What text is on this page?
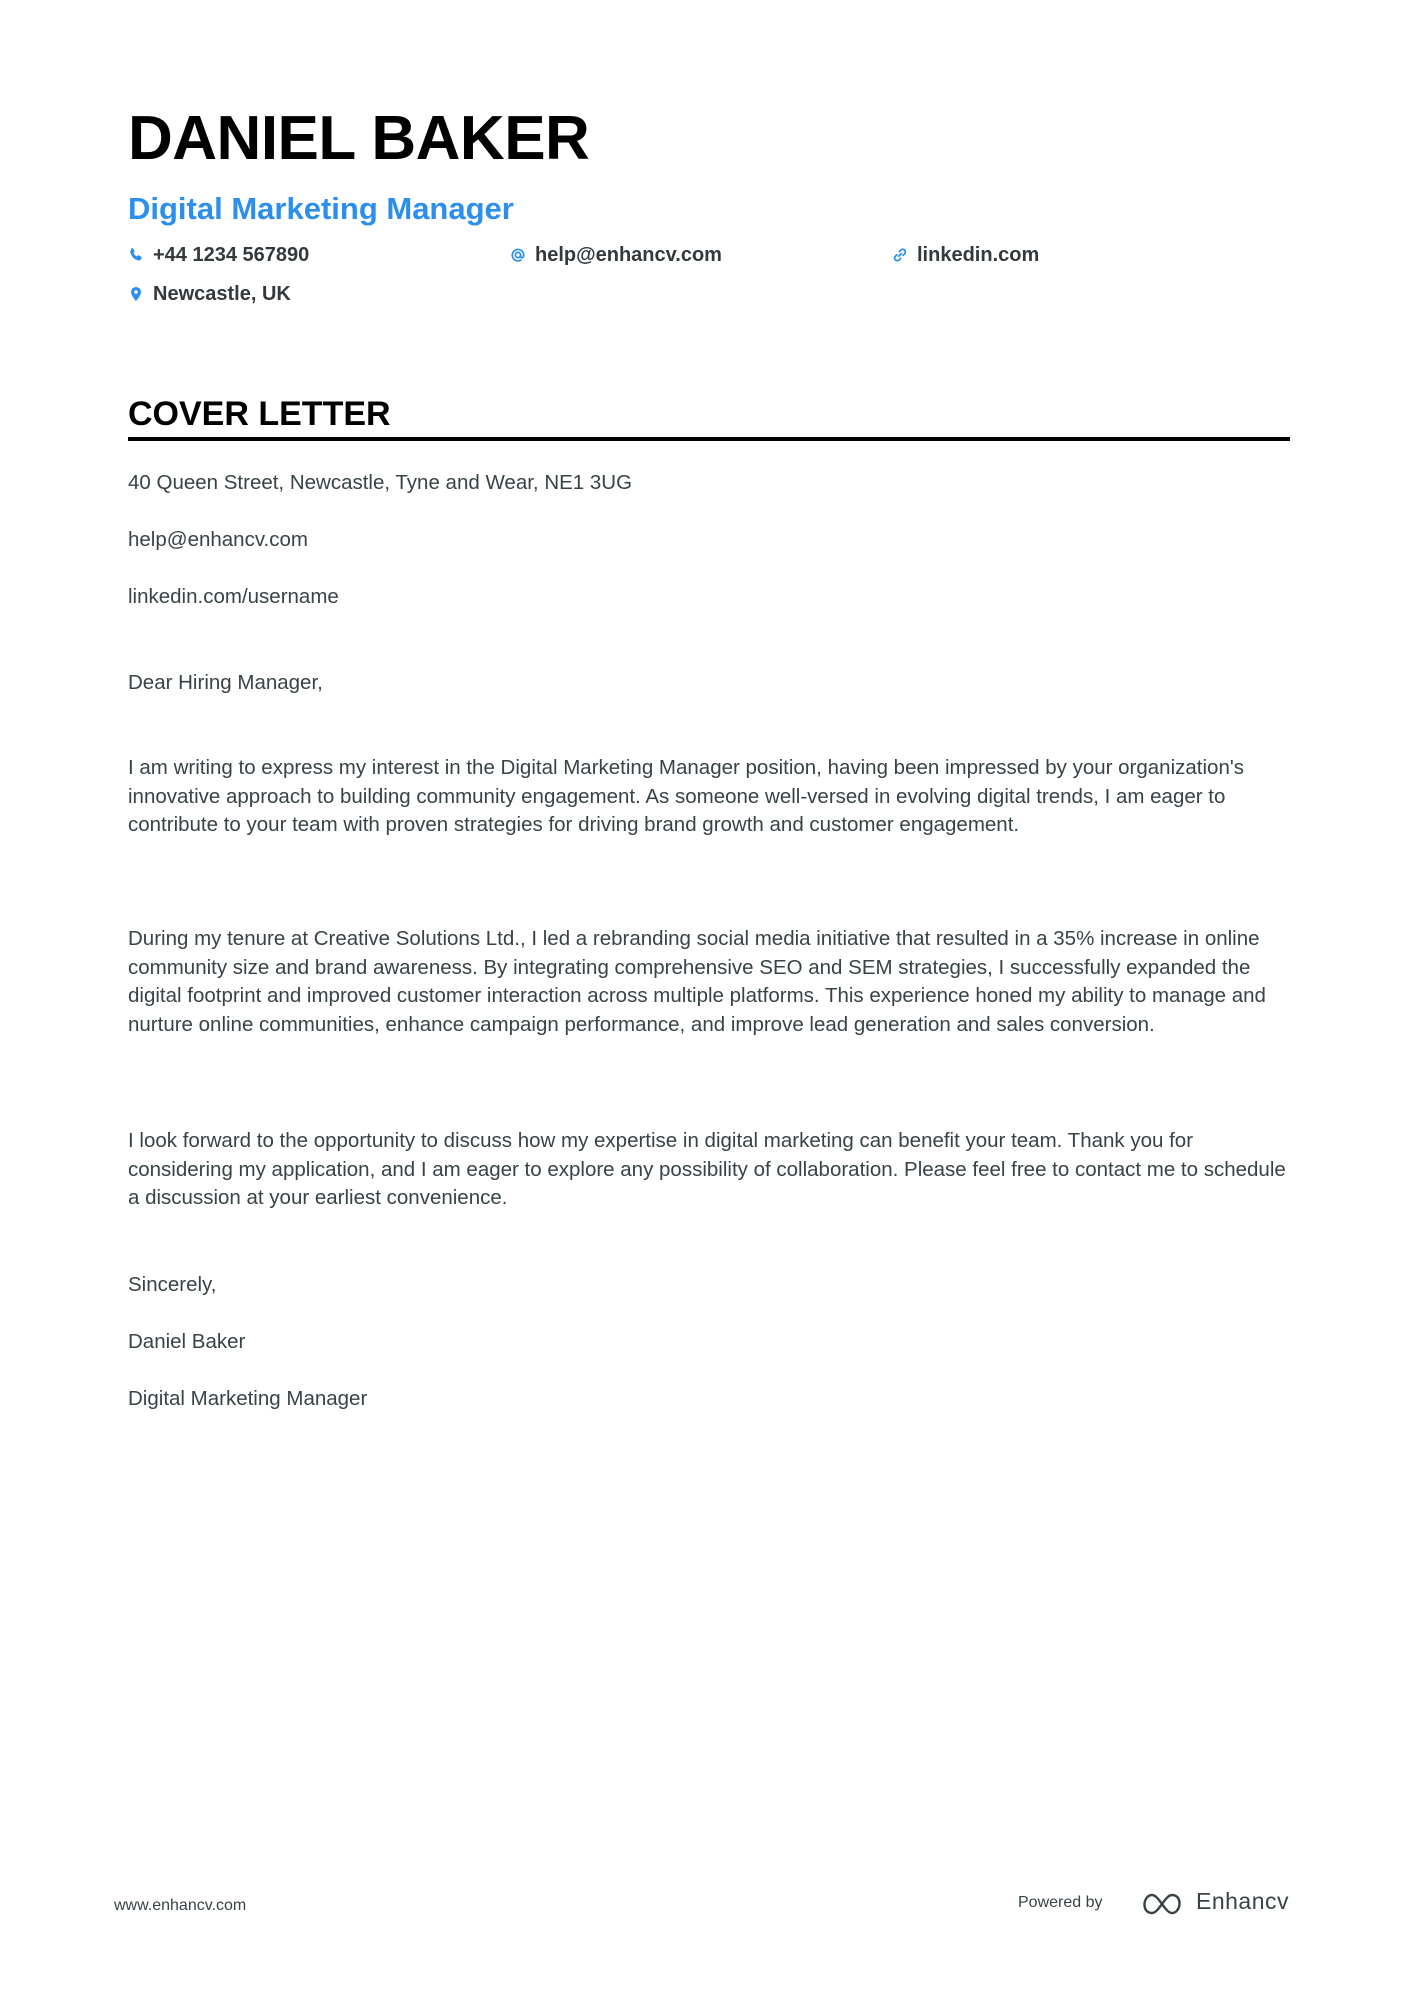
DANIEL BAKER
Digital Marketing Manager
+44 1234 567890	help@enhancv.com	linkedin.com
Newcastle, UK
COVER LETTER

40 Queen Street, Newcastle, Tyne and Wear, NE1 3UG

help@enhancv.com

linkedin.com/username

Dear Hiring Manager,

I am writing to express my interest in the Digital Marketing Manager position, having been impressed by your organization's innovative approach to building community engagement. As someone well-versed in evolving digital trends, I am eager to contribute to your team with proven strategies for driving brand growth and customer engagement.

During my tenure at Creative Solutions Ltd., I led a rebranding social media initiative that resulted in a 35% increase in online community size and brand awareness. By integrating comprehensive SEO and SEM strategies, I successfully expanded the digital footprint and improved customer interaction across multiple platforms. This experience honed my ability to manage and nurture online communities, enhance campaign performance, and improve lead generation and sales conversion.

I look forward to the opportunity to discuss how my expertise in digital marketing can benefit your team. Thank you for considering my application, and I am eager to explore any possibility of collaboration. Please feel free to contact me to schedule a discussion at your earliest convenience.

Sincerely,

Daniel Baker

Digital Marketing Manager

www.enhancv.com	Powered by	Enhancv
